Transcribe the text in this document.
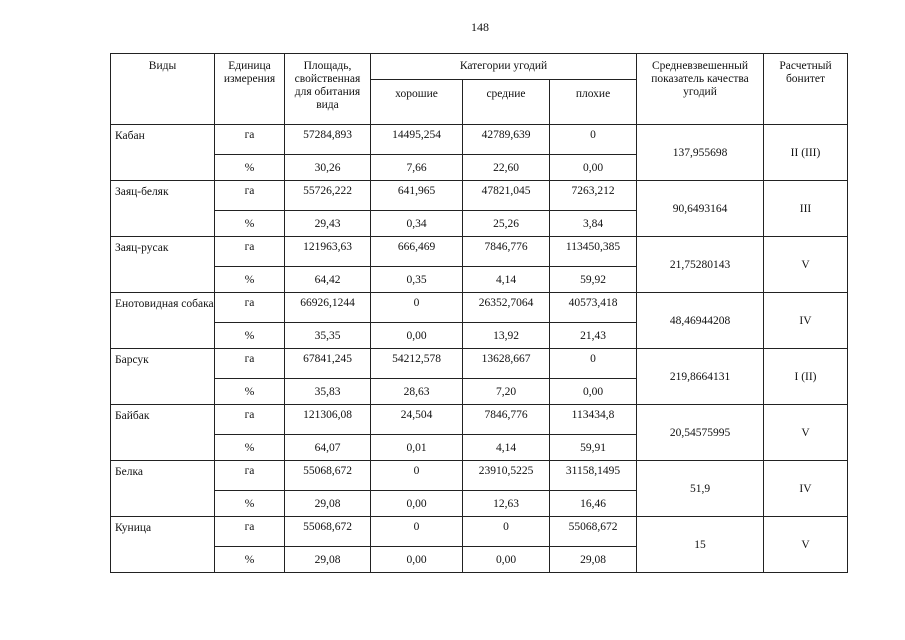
148
Виды	Единица измерения	Площадь, свойственная для обитания вида	Категории угодий			Средневзвешенный показатель качества угодий	Расчетный бонитет
			хорошие	средние	плохие		
Кабан	га	57284,893	14495,254	42789,639	0	137,955698	II (III)
	%	30,26	7,66	22,60	0,00		
Заяц-беляк	га	55726,222	641,965	47821,045	7263,212	90,6493164	III
	%	29,43	0,34	25,26	3,84		
Заяц-русак	га	121963,63	666,469	7846,776	113450,385	21,75280143	V
	%	64,42	0,35	4,14	59,92		
Енотовидная собака	га	66926,1244	0	26352,7064	40573,418	48,46944208	IV
	%	35,35	0,00	13,92	21,43		
Барсук	га	67841,245	54212,578	13628,667	0	219,8664131	I (II)
	%	35,83	28,63	7,20	0,00		
Байбак	га	121306,08	24,504	7846,776	113434,8	20,54575995	V
	%	64,07	0,01	4,14	59,91		
Белка	га	55068,672	0	23910,5225	31158,1495	51,9	IV
	%	29,08	0,00	12,63	16,46		
Куница	га	55068,672	0	0	55068,672	15	V
	%	29,08	0,00	0,00	29,08		
